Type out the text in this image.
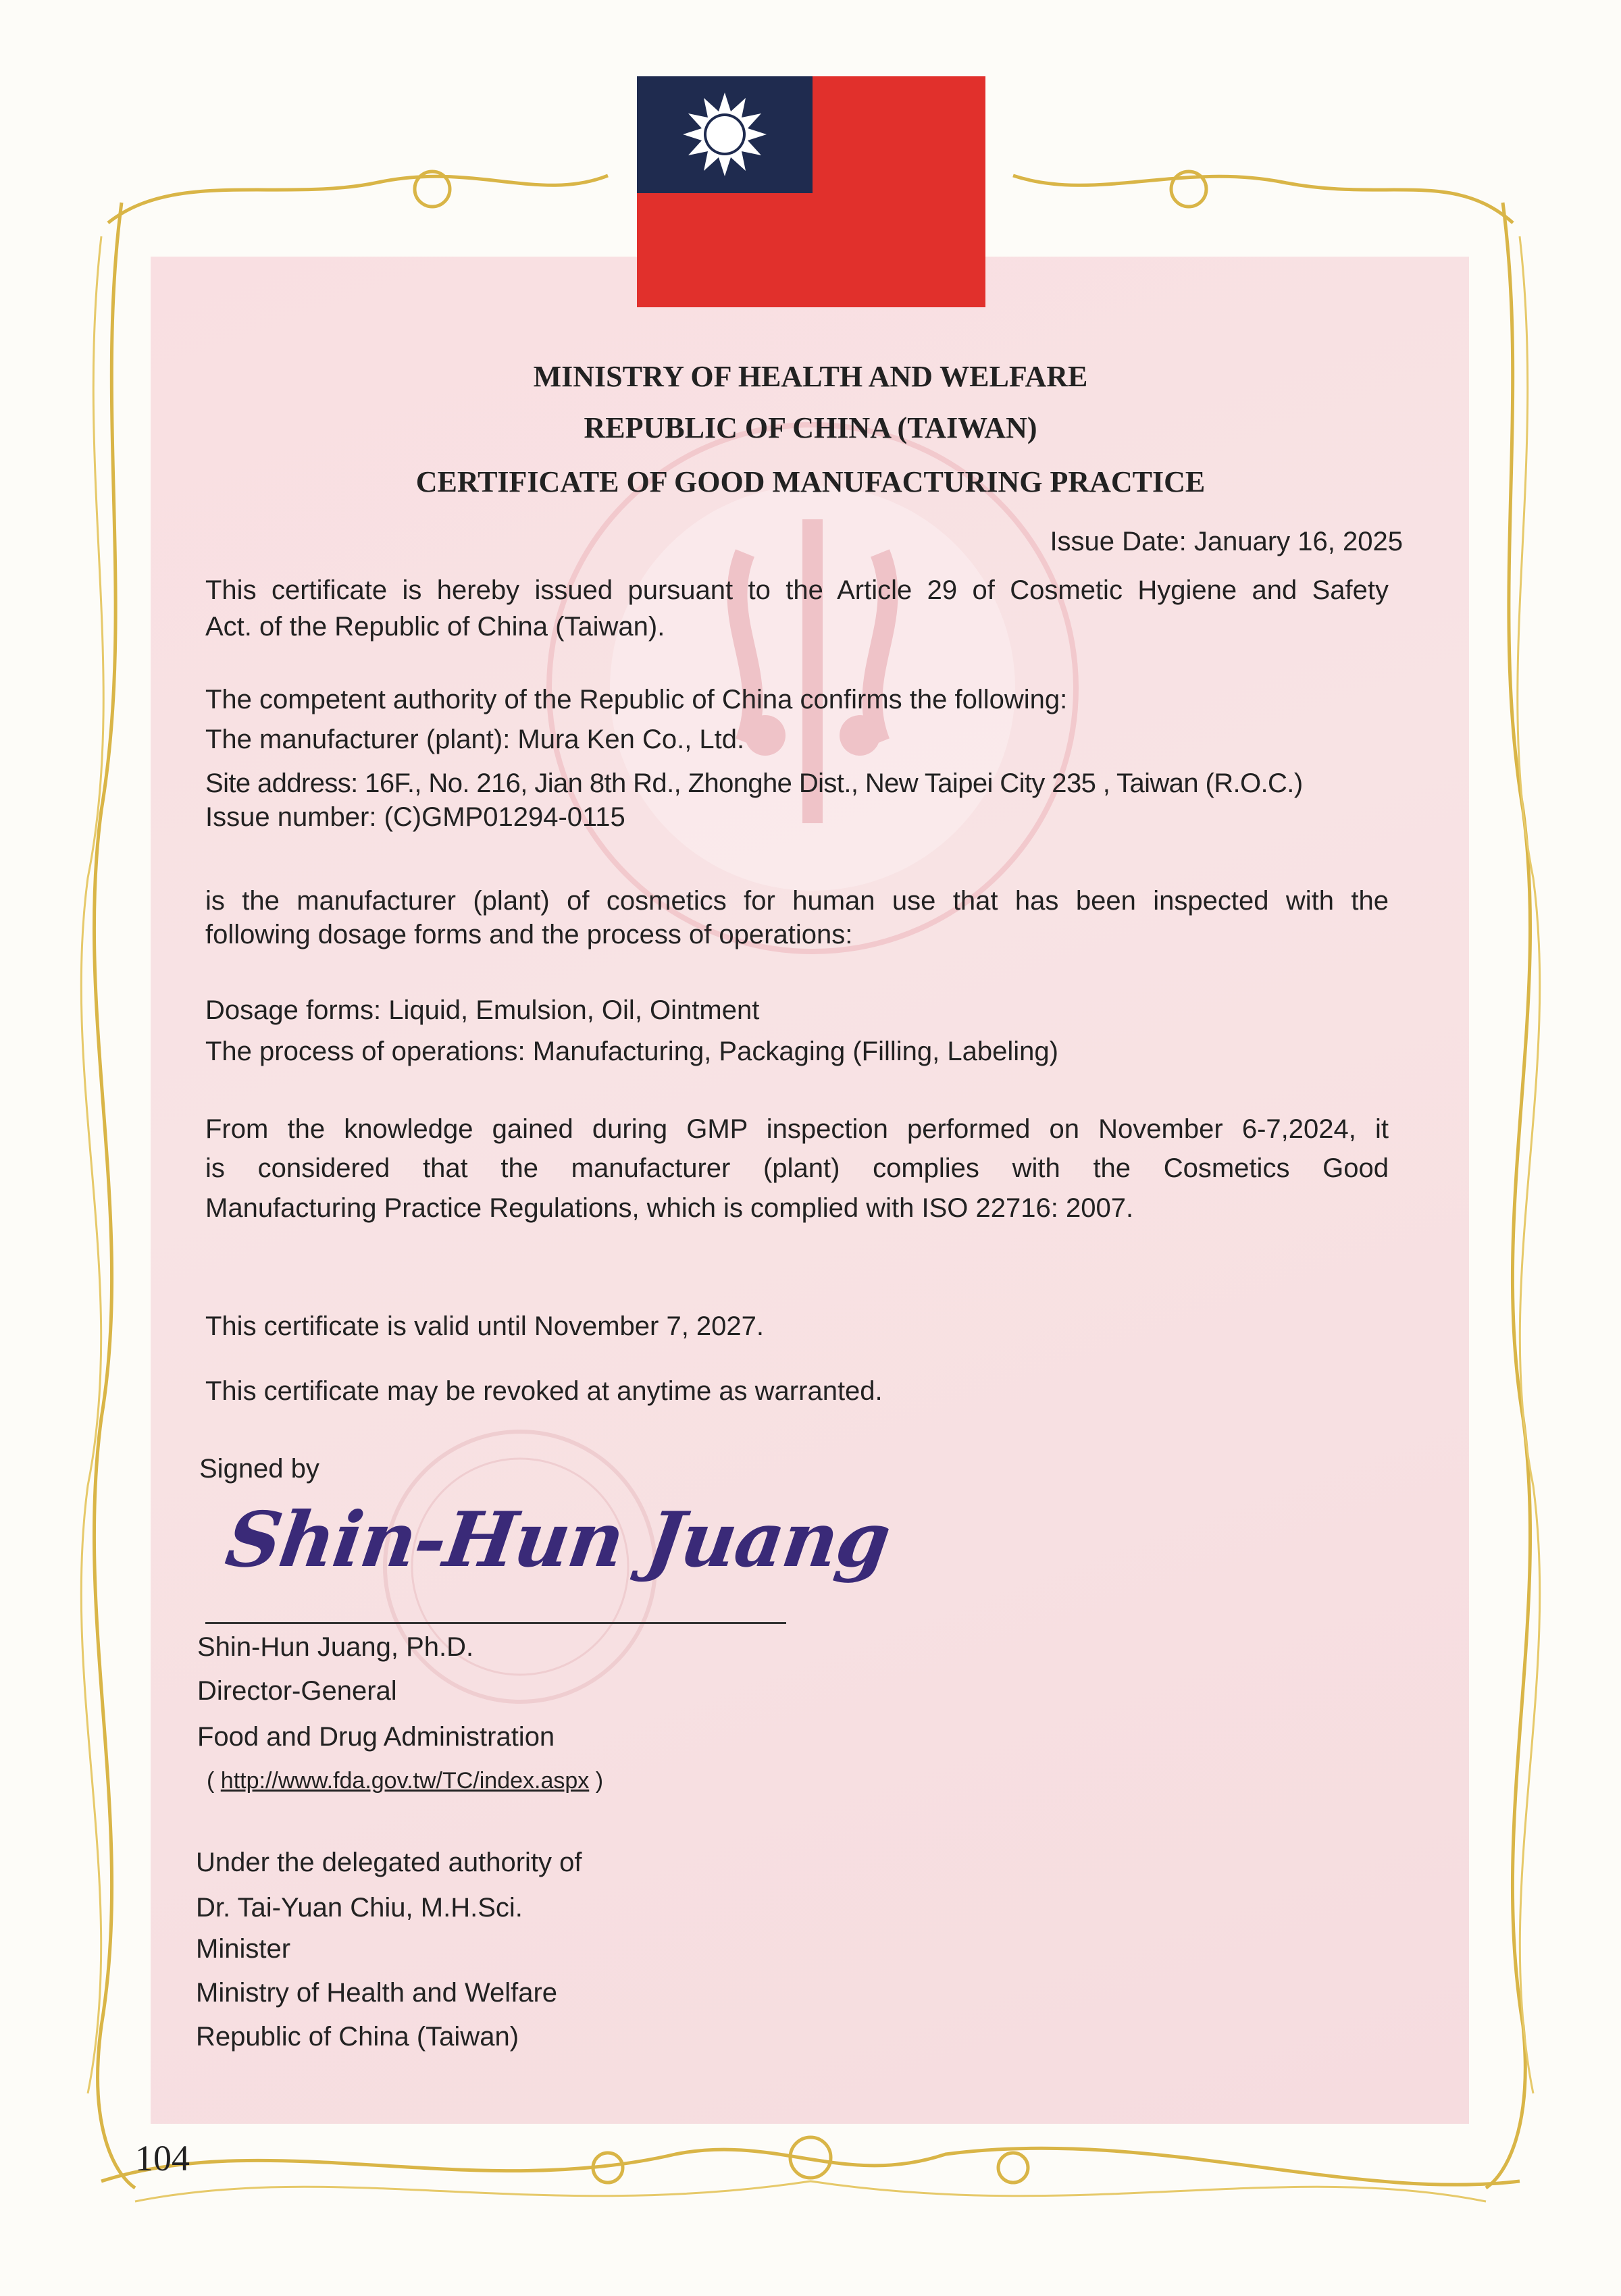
MINISTRY OF HEALTH AND WELFARE
REPUBLIC OF CHINA (TAIWAN)
CERTIFICATE OF GOOD MANUFACTURING PRACTICE
Issue Date: January 16, 2025
This certificate is hereby issued pursuant to the Article 29 of Cosmetic Hygiene and Safety
Act. of the Republic of China (Taiwan).
The competent authority of the Republic of China confirms the following:
The manufacturer (plant): Mura Ken Co., Ltd.
Site address: 16F., No. 216, Jian 8th Rd., Zhonghe Dist., New Taipei City 235 , Taiwan (R.O.C.)
Issue number: (C)GMP01294-0115
is the manufacturer (plant) of cosmetics for human use that has been inspected with the
following dosage forms and the process of operations:
Dosage forms: Liquid, Emulsion, Oil, Ointment
The process of operations: Manufacturing, Packaging (Filling, Labeling)
From the knowledge gained during GMP inspection performed on November 6-7,2024, it
is considered that the manufacturer (plant) complies with the Cosmetics Good
Manufacturing Practice Regulations, which is complied with ISO 22716: 2007.
This certificate is valid until November 7, 2027.
This certificate may be revoked at anytime as warranted.
Signed by
Shin-Hun Juang
Shin-Hun Juang, Ph.D.
Director-General
Food and Drug Administration
( http://www.fda.gov.tw/TC/index.aspx )
Under the delegated authority of
Dr. Tai-Yuan Chiu, M.H.Sci.
Minister
Ministry of Health and Welfare
Republic of China (Taiwan)
104
